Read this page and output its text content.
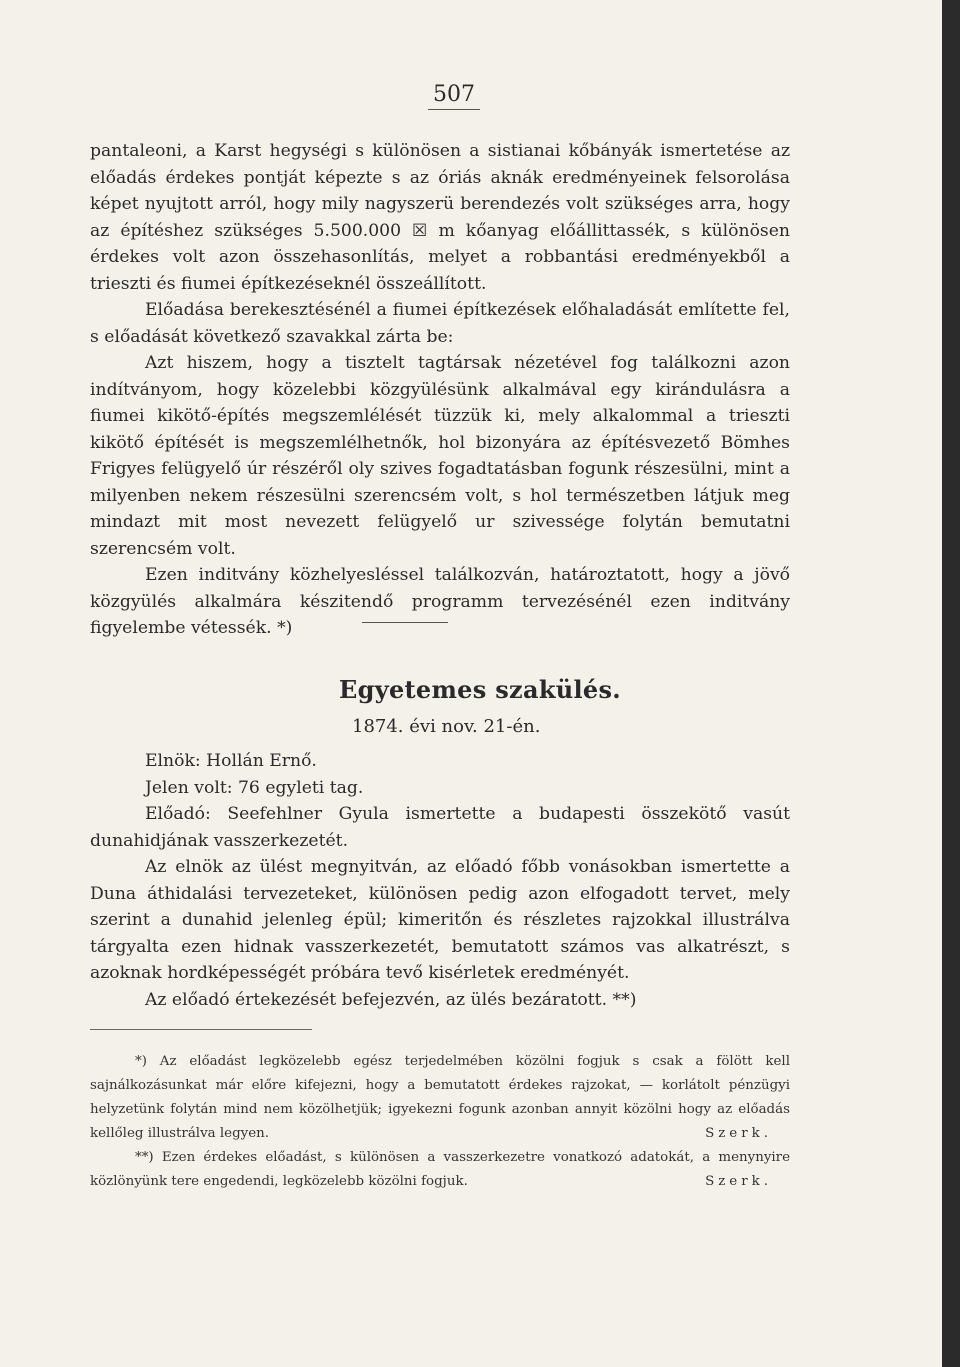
507

pantaleoni, a Karst hegységi s különösen a sistianai kőbányák ismertetése az előadás érdekes pontját képezte s az óriás aknák eredményeinek felsorolása képet nyujtott arról, hogy mily nagyszerü berendezés volt szükséges arra, hogy az építéshez szükséges 5.500.000 ☒ m kőanyag előállittassék, s különösen érdekes volt azon összehasonlítás, melyet a robbantási eredményekből a trieszti és fiumei építkezéseknél összeállított.

Előadása berekesztésénél a fiumei építkezések előhaladását említette fel, s előadását következő szavakkal zárta be:

Azt hiszem, hogy a tisztelt tagtársak nézetével fog találkozni azon indítványom, hogy közelebbi közgyülésünk alkalmával egy kirándulásra a fiumei kikötő-építés megszemlélését tüzzük ki, mely alkalommal a trieszti kikötő építését is megszemlélhetnők, hol bizonyára az építésvezető Bömhes Frigyes felügyelő úr részéről oly szives fogadtatásban fogunk részesülni, mint a milyenben nekem részesülni szerencsém volt, s hol természetben látjuk meg mindazt mit most nevezett felügyelő ur szivessége folytán bemutatni szerencsém volt.

Ezen inditvány közhelyesléssel találkozván, határoztatott, hogy a jövő közgyülés alkalmára készitendő programm tervezésénél ezen inditvány figyelembe vétessék. *)

Egyetemes szakülés.
1874. évi nov. 21-én.

Elnök: Hollán Ernő.

Jelen volt: 76 egyleti tag.

Előadó: Seefehlner Gyula ismertette a budapesti összekötő vasút dunahidjának vasszerkezetét.

Az elnök az ülést megnyitván, az előadó főbb vonásokban ismertette a Duna áthidalási tervezeteket, különösen pedig azon elfogadott tervet, mely szerint a dunahid jelenleg épül; kimeritőn és részletes rajzokkal illustrálva tárgyalta ezen hidnak vasszerkezetét, bemutatott számos vas alkatrészt, s azoknak hordképességét próbára tevő kisérletek eredményét.

Az előadó értekezését befejezvén, az ülés bezáratott. **)

*) Az előadást legközelebb egész terjedelmében közölni fogjuk s csak a fölött kell sajnálkozásunkat már előre kifejezni, hogy a bemutatott érdekes rajzokat, — korlátolt pénzügyi helyzetünk folytán mind nem közölhetjük; igyekezni fogunk azonban annyit közölni hogy az előadás kellőleg illustrálva legyen.	Szerk.

**) Ezen érdekes előadást, s különösen a vasszerkezetre vonatkozó adatokát, a menynyire közlönyünk tere engedendi, legközelebb közölni fogjuk.	Szerk.
